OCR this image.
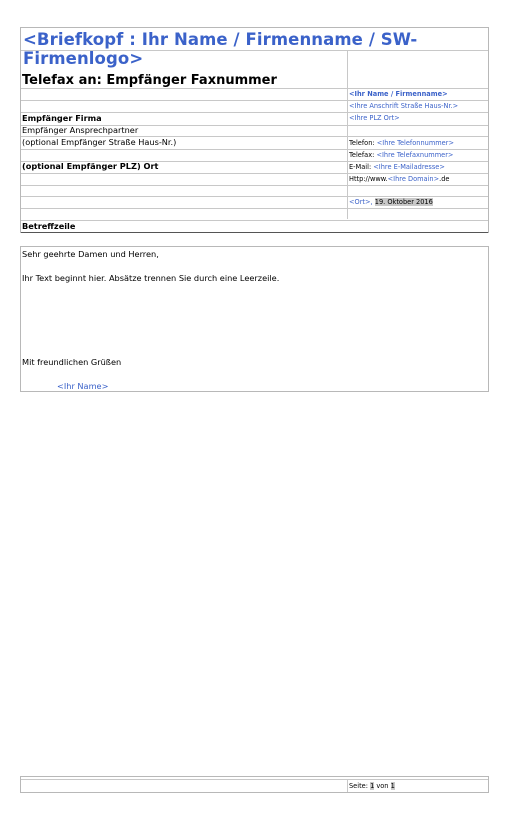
<Briefkopf : Ihr Name / Firmenname / SW-Firmenlogo>
Telefax an: Empfänger Faxnummer
<Ihr Name / Firmenname>
<Ihre Anschrift Straße Haus-Nr.>
<Ihre PLZ Ort>
Telefon: <Ihre Telefonnummer>
Telefax: <Ihre Telefaxnummer>
E-Mail: <Ihre E-Mailadresse>
Http://www.<Ihre Domain>.de
<Ort>, 19. Oktober 2016
Empfänger Firma
Empfänger Ansprechpartner
(optional Empfänger Straße Haus-Nr.)
(optional Empfänger PLZ) Ort
Betreffzeile
Sehr geehrte Damen und Herren,
Ihr Text beginnt hier. Absätze trennen Sie durch eine Leerzeile.
Mit freundlichen Grüßen
<Ihr Name>
Seite: 1 von 1
